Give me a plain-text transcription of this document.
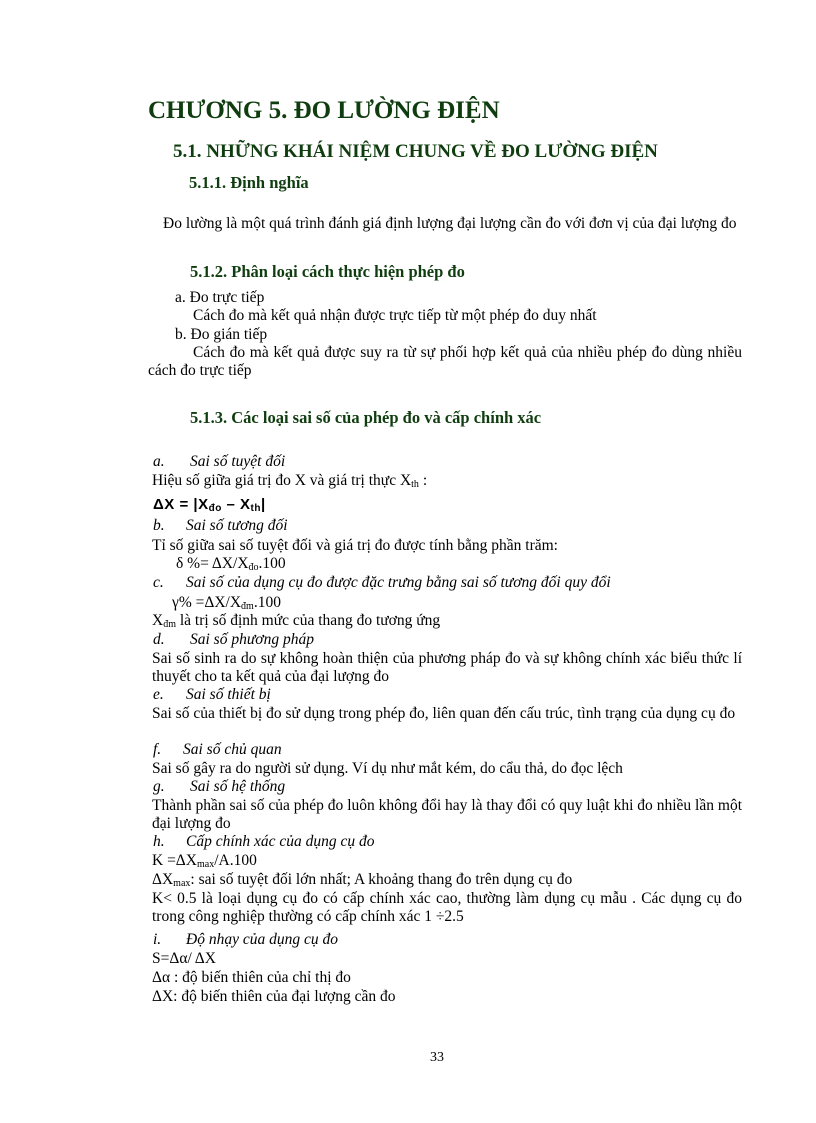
CHƯƠNG 5. ĐO LƯỜNG ĐIỆN
5.1. NHỮNG KHÁI NIỆM CHUNG VỀ ĐO LƯỜNG ĐIỆN
5.1.1. Định nghĩa
Đo lường là một quá trình đánh giá định lượng đại lượng cần đo với đơn vị của đại lượng đo
5.1.2. Phân loại cách thực hiện phép đo
a. Đo trực tiếp
Cách đo mà kết quả nhận được trực tiếp từ một phép đo duy nhất
b. Đo gián tiếp
Cách đo mà kết quả được suy ra từ sự phối hợp kết quả của nhiều phép đo dùng nhiều cách đo trực tiếp
5.1.3. Các loại sai số của phép đo và cấp chính xác
a. Sai số tuyệt đối
Hiệu số giữa giá trị đo X và giá trị thực $X_{th}$ :
$\Delta X = |X_{đo} - X_{th}|$
b. Sai số tương đối
Tỉ số giữa sai số tuyệt đối và giá trị đo được tính bằng phần trăm:
δ %= $\Delta X/X_{đo}.100$
c. Sai số của dụng cụ đo được đặc trưng bằng sai số tương đối quy đổi
$\gamma\% =\Delta X/X_{đm}.100$
$X_{đm}$ là trị số định mức của thang đo tương ứng
d. Sai số phương pháp
Sai số sinh ra do sự không hoàn thiện của phương pháp đo và sự không chính xác biểu thức lí thuyết cho ta kết quả của đại lượng đo
e. Sai số thiết bị
Sai số của thiết bị đo sử dụng trong phép đo, liên quan đến cấu trúc, tình trạng của dụng cụ đo
f. Sai số chủ quan
Sai số gây ra do người sử dụng. Ví dụ như mắt kém, do cẩu thả, do đọc lệch
g. Sai số hệ thống
Thành phần sai số của phép đo luôn không đổi hay là thay đổi có quy luật khi đo nhiều lần một đại lượng đo
h. Cấp chính xác của dụng cụ đo
$K =\Delta X_{max}/A.100$
$\Delta X_{max}$: sai số tuyệt đối lớn nhất; A khoảng thang đo trên dụng cụ đo
K< 0.5 là loại dụng cụ đo có cấp chính xác cao, thường làm dụng cụ mẫu . Các dụng cụ đo trong công nghiệp thường có cấp chính xác 1 ÷2.5
i. Độ nhạy của dụng cụ đo
S=Δα/ ΔX
Δα : độ biến thiên của chỉ thị đo
ΔX: độ biến thiên của đại lượng cần đo
33
